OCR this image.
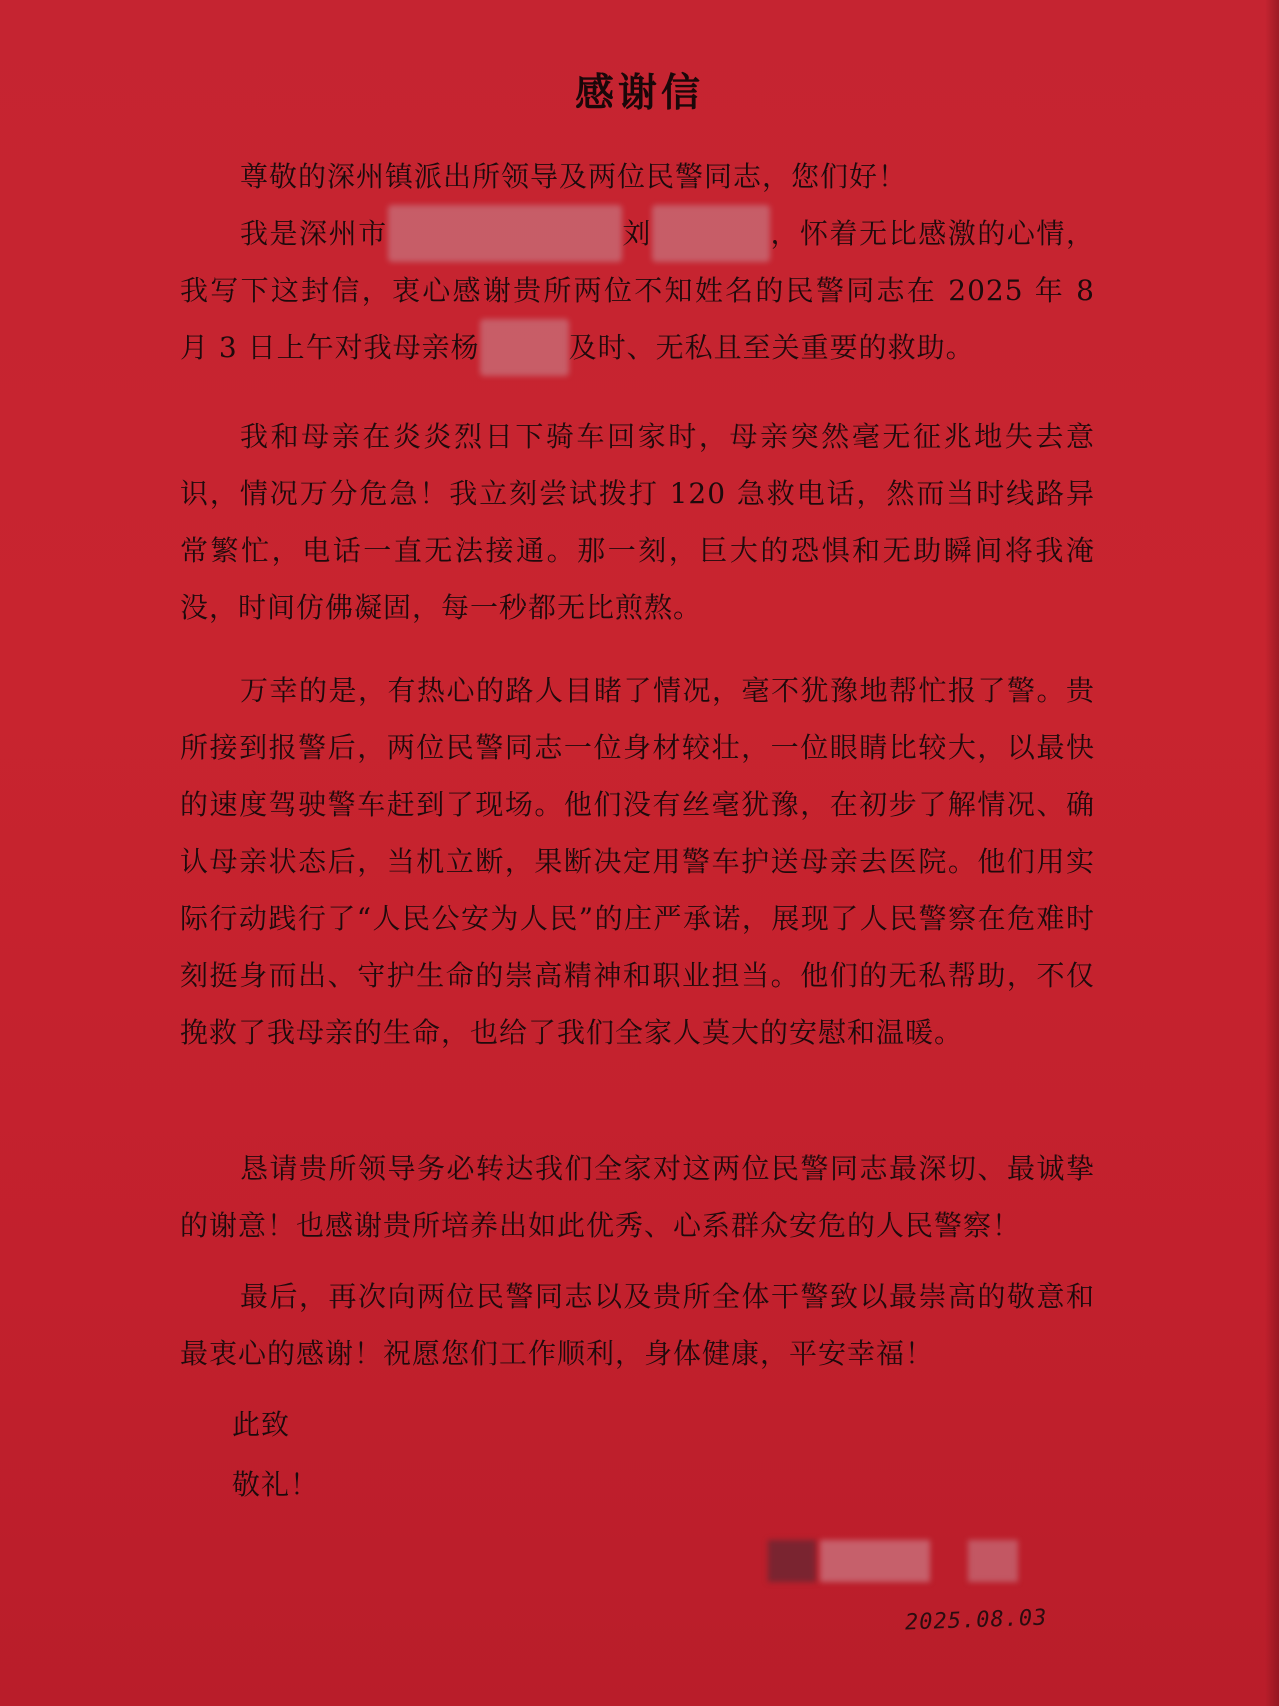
感谢信
尊敬的深州镇派出所领导及两位民警同志，您们好！

我是深州市	刘	，怀着无比感激的心情，我写下这封信，衷心感谢贵所两位不知姓名的民警同志在 2025 年 8 月 3 日上午对我母亲杨	及时、无私且至关重要的救助。

我和母亲在炎炎烈日下骑车回家时，母亲突然毫无征兆地失去意识，情况万分危急！我立刻尝试拨打 120 急救电话，然而当时线路异常繁忙，电话一直无法接通。那一刻，巨大的恐惧和无助瞬间将我淹没，时间仿佛凝固，每一秒都无比煎熬。

万幸的是，有热心的路人目睹了情况，毫不犹豫地帮忙报了警。贵所接到报警后，两位民警同志一位身材较壮，一位眼睛比较大，以最快的速度驾驶警车赶到了现场。他们没有丝毫犹豫，在初步了解情况、确认母亲状态后，当机立断，果断决定用警车护送母亲去医院。他们用实际行动践行了“人民公安为人民”的庄严承诺，展现了人民警察在危难时刻挺身而出、守护生命的崇高精神和职业担当。他们的无私帮助，不仅挽救了我母亲的生命，也给了我们全家人莫大的安慰和温暖。

恳请贵所领导务必转达我们全家对这两位民警同志最深切、最诚挚的谢意！也感谢贵所培养出如此优秀、心系群众安危的人民警察！

最后，再次向两位民警同志以及贵所全体干警致以最崇高的敬意和最衷心的感谢！祝愿您们工作顺利，身体健康，平安幸福！

此致
敬礼！
2025.08.03
